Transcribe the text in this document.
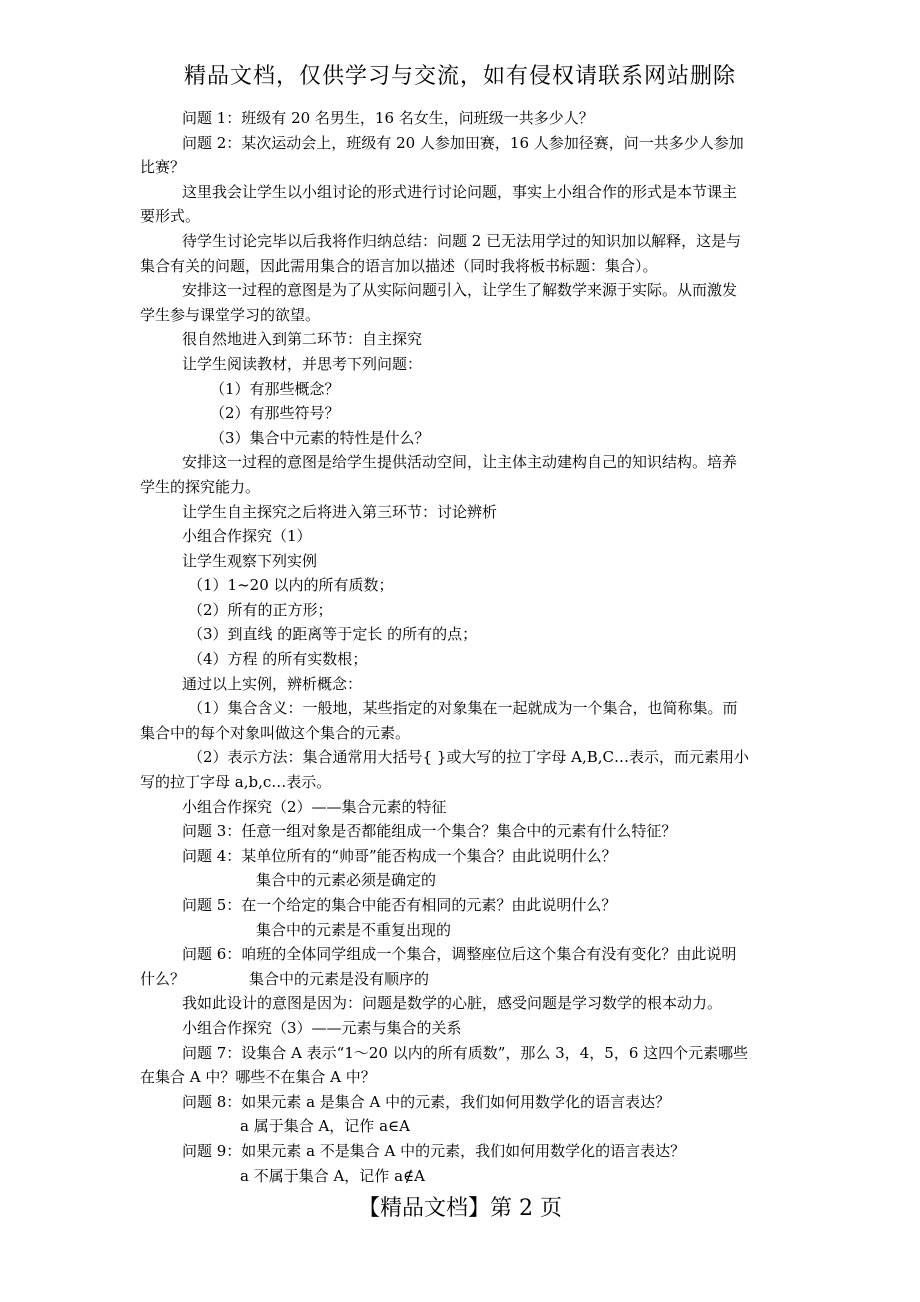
精品文档，仅供学习与交流，如有侵权请联系网站删除
问题 1：班级有 20 名男生，16 名女生，问班级一共多少人？
问题 2：某次运动会上，班级有 20 人参加田赛，16 人参加径赛，问一共多少人参加
比赛？
这里我会让学生以小组讨论的形式进行讨论问题，事实上小组合作的形式是本节课主
要形式。
待学生讨论完毕以后我将作归纳总结：问题 2 已无法用学过的知识加以解释，这是与
集合有关的问题，因此需用集合的语言加以描述（同时我将板书标题：集合）。
安排这一过程的意图是为了从实际问题引入，让学生了解数学来源于实际。从而激发
学生参与课堂学习的欲望。
很自然地进入到第二环节：自主探究
让学生阅读教材，并思考下列问题：
（1）有那些概念？
（2）有那些符号？
（3）集合中元素的特性是什么？
安排这一过程的意图是给学生提供活动空间，让主体主动建构自己的知识结构。培养
学生的探究能力。
让学生自主探究之后将进入第三环节：讨论辨析
小组合作探究（1）
让学生观察下列实例
（1）1~20 以内的所有质数；
（2）所有的正方形；
（3）到直线 的距离等于定长 的所有的点；
（4）方程 的所有实数根；
通过以上实例，辨析概念：
（1）集合含义：一般地，某些指定的对象集在一起就成为一个集合，也简称集。而
集合中的每个对象叫做这个集合的元素。
（2）表示方法：集合通常用大括号{ }或大写的拉丁字母 A,B,C…表示，而元素用小
写的拉丁字母 a,b,c…表示。
小组合作探究（2）——集合元素的特征
问题 3：任意一组对象是否都能组成一个集合？集合中的元素有什么特征？
问题 4：某单位所有的“帅哥”能否构成一个集合？由此说明什么？
集合中的元素必须是确定的
问题 5：在一个给定的集合中能否有相同的元素？由此说明什么？
集合中的元素是不重复出现的
问题 6：咱班的全体同学组成一个集合，调整座位后这个集合有没有变化？由此说明
什么？	集合中的元素是没有顺序的
我如此设计的意图是因为：问题是数学的心脏，感受问题是学习数学的根本动力。
小组合作探究（3）——元素与集合的关系
问题 7：设集合 A 表示“1～20 以内的所有质数”，那么 3，4，5，6 这四个元素哪些
在集合 A 中？哪些不在集合 A 中？
问题 8：如果元素 a 是集合 A 中的元素，我们如何用数学化的语言表达？
a 属于集合 A，记作 a∈A
问题 9：如果元素 a 不是集合 A 中的元素，我们如何用数学化的语言表达？
a 不属于集合 A，记作 a∉A
【精品文档】第 2 页
